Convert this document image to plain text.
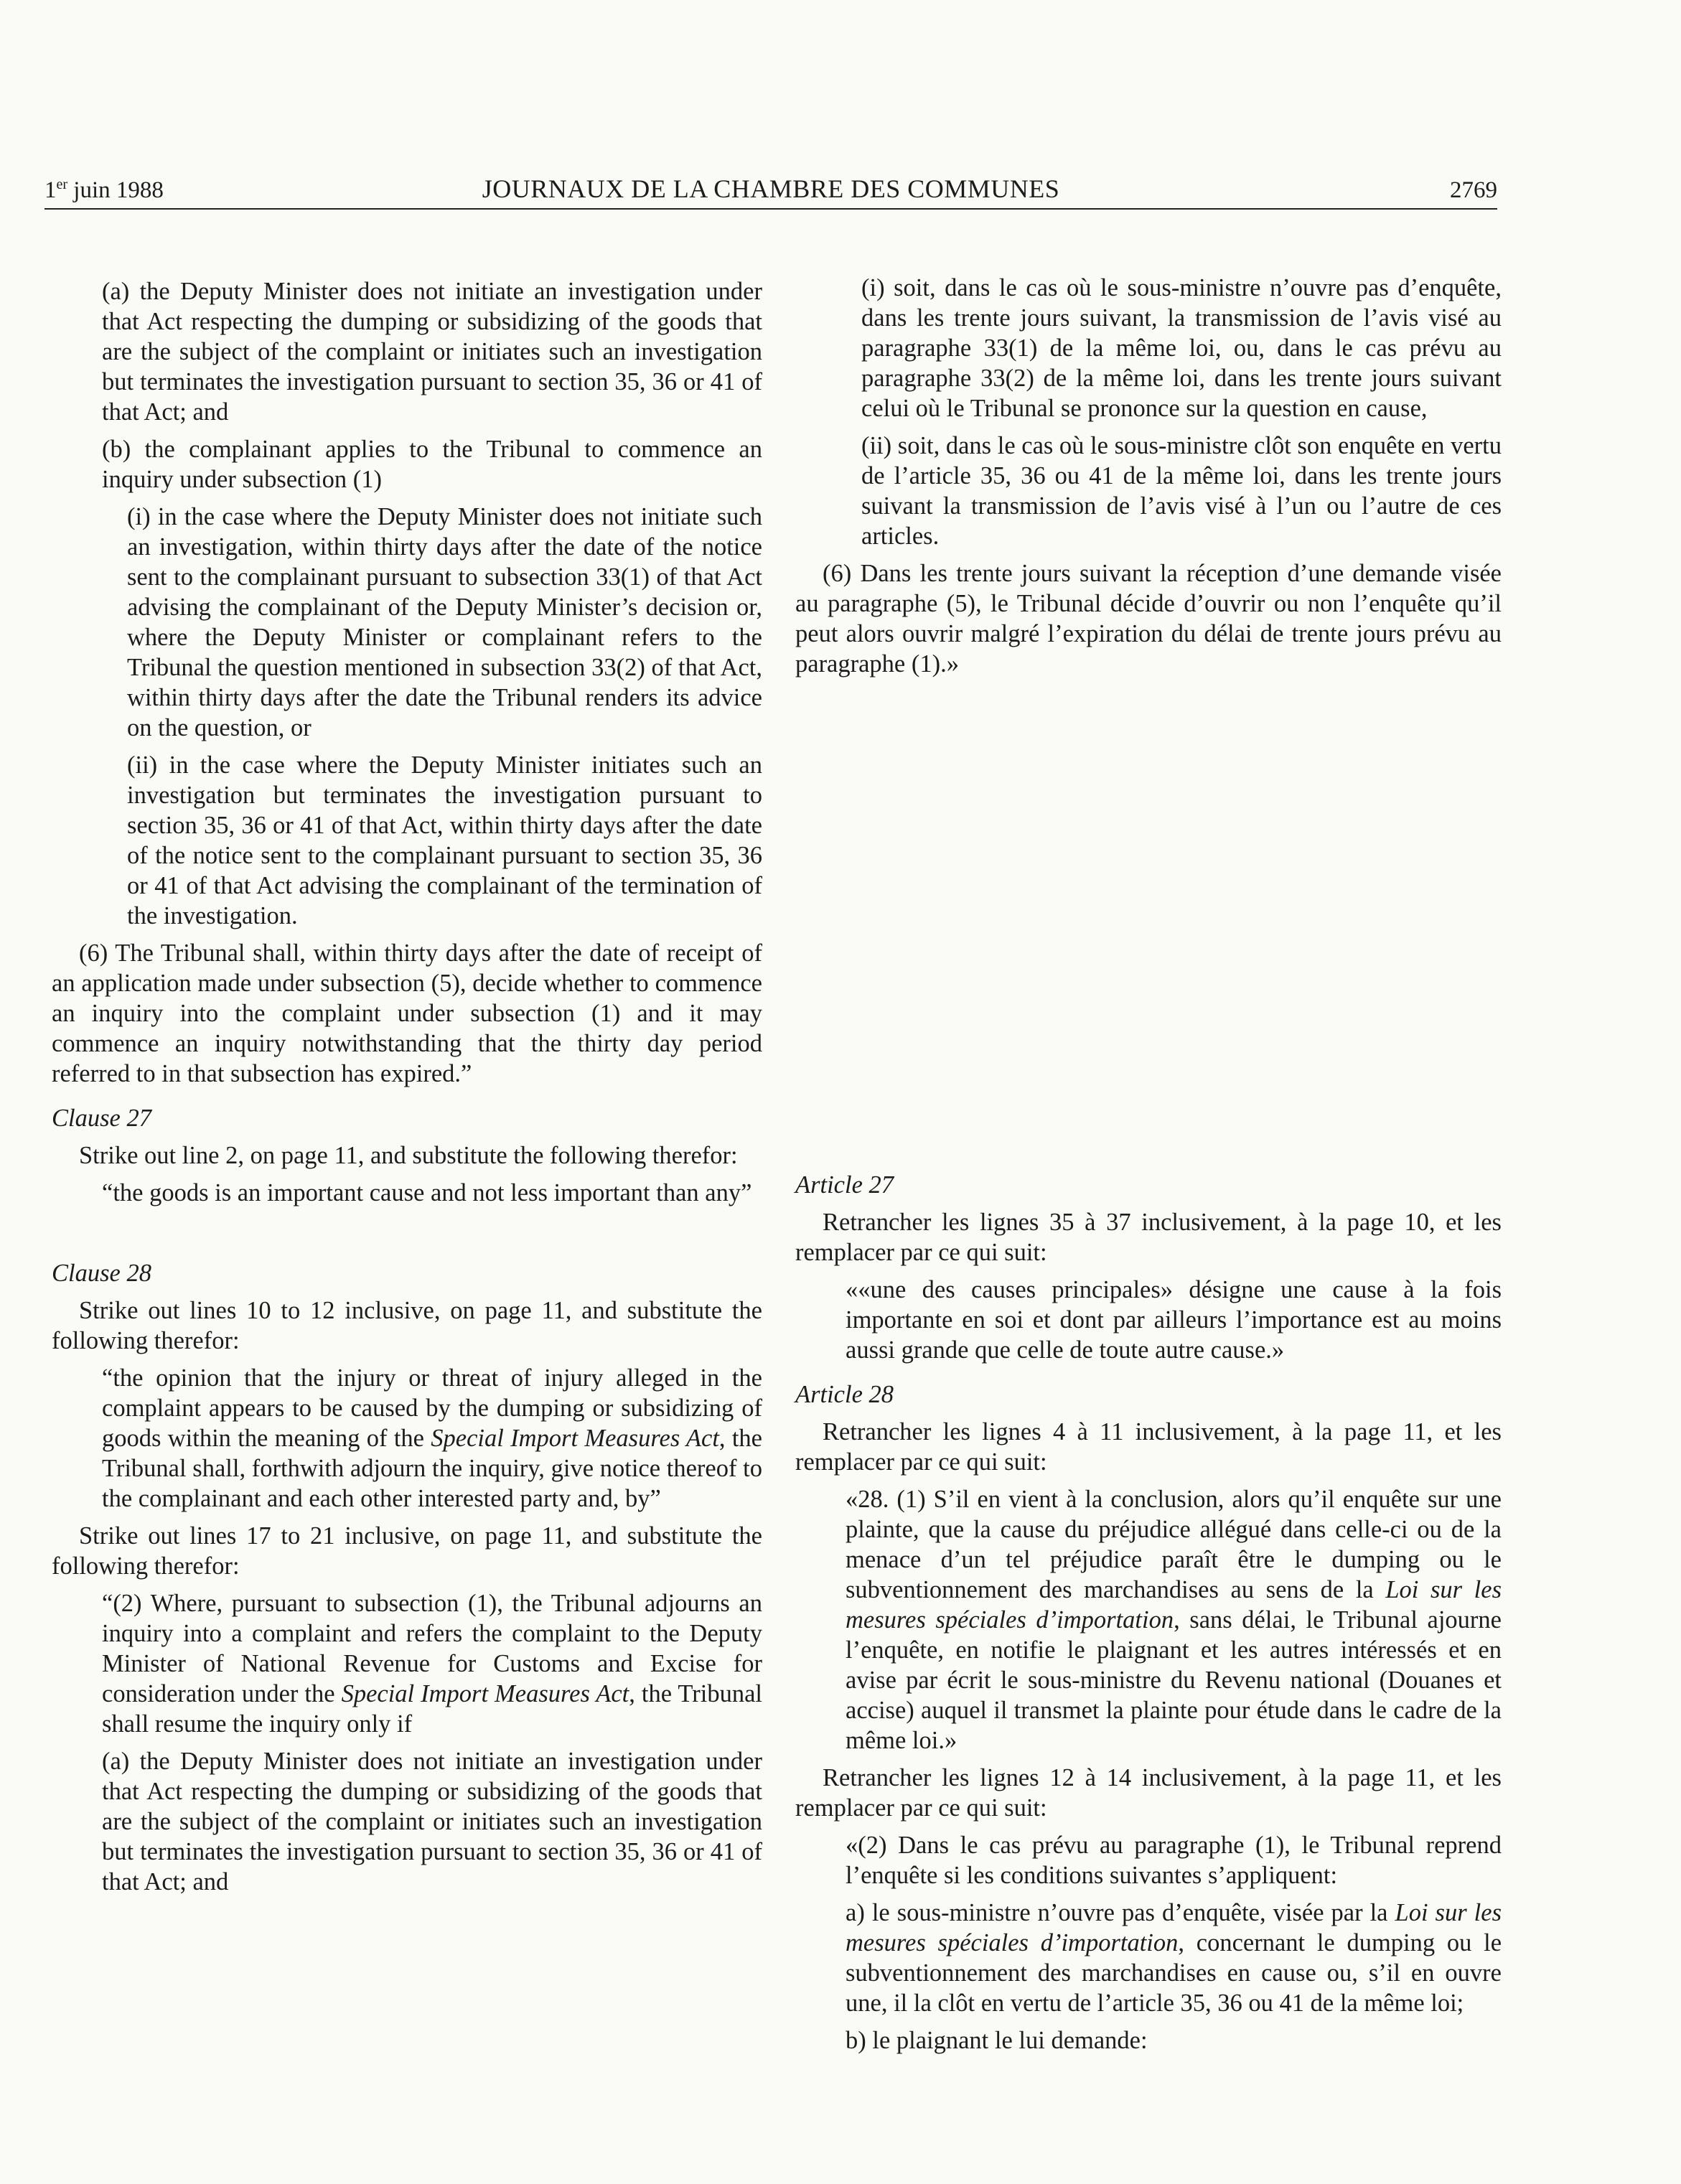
1er juin 1988	JOURNAUX DE LA CHAMBRE DES COMMUNES	2769

(a) the Deputy Minister does not initiate an investigation under that Act respecting the dumping or subsidizing of the goods that are the subject of the complaint or initiates such an investigation but terminates the investigation pursuant to section 35, 36 or 41 of that Act; and

(b) the complainant applies to the Tribunal to commence an inquiry under subsection (1)

(i) in the case where the Deputy Minister does not initiate such an investigation, within thirty days after the date of the notice sent to the complainant pursuant to subsection 33(1) of that Act advising the complainant of the Deputy Minister’s decision or, where the Deputy Minister or complainant refers to the Tribunal the question mentioned in subsection 33(2) of that Act, within thirty days after the date the Tribunal renders its advice on the question, or

(ii) in the case where the Deputy Minister initiates such an investigation but terminates the investigation pursuant to section 35, 36 or 41 of that Act, within thirty days after the date of the notice sent to the complainant pursuant to section 35, 36 or 41 of that Act advising the complainant of the termination of the investigation.

(6) The Tribunal shall, within thirty days after the date of receipt of an application made under subsection (5), decide whether to commence an inquiry into the complaint under subsection (1) and it may commence an inquiry notwithstanding that the thirty day period referred to in that subsection has expired.”

Clause 27

Strike out line 2, on page 11, and substitute the following therefor:

“the goods is an important cause and not less important than any”

Clause 28

Strike out lines 10 to 12 inclusive, on page 11, and substitute the following therefor:

“the opinion that the injury or threat of injury alleged in the complaint appears to be caused by the dumping or subsidizing of goods within the meaning of the Special Import Measures Act, the Tribunal shall, forthwith adjourn the inquiry, give notice thereof to the complainant and each other interested party and, by”

Strike out lines 17 to 21 inclusive, on page 11, and substitute the following therefor:

“(2) Where, pursuant to subsection (1), the Tribunal adjourns an inquiry into a complaint and refers the complaint to the Deputy Minister of National Revenue for Customs and Excise for consideration under the Special Import Measures Act, the Tribunal shall resume the inquiry only if

(a) the Deputy Minister does not initiate an investigation under that Act respecting the dumping or subsidizing of the goods that are the subject of the complaint or initiates such an investigation but terminates the investigation pursuant to section 35, 36 or 41 of that Act; and

(i) soit, dans le cas où le sous-ministre n’ouvre pas d’enquête, dans les trente jours suivant, la transmission de l’avis visé au paragraphe 33(1) de la même loi, ou, dans le cas prévu au paragraphe 33(2) de la même loi, dans les trente jours suivant celui où le Tribunal se prononce sur la question en cause,

(ii) soit, dans le cas où le sous-ministre clôt son enquête en vertu de l’article 35, 36 ou 41 de la même loi, dans les trente jours suivant la transmission de l’avis visé à l’un ou l’autre de ces articles.

(6) Dans les trente jours suivant la réception d’une demande visée au paragraphe (5), le Tribunal décide d’ouvrir ou non l’enquête qu’il peut alors ouvrir malgré l’expiration du délai de trente jours prévu au paragraphe (1).»

Article 27

Retrancher les lignes 35 à 37 inclusivement, à la page 10, et les remplacer par ce qui suit:

««une des causes principales» désigne une cause à la fois importante en soi et dont par ailleurs l’importance est au moins aussi grande que celle de toute autre cause.»

Article 28

Retrancher les lignes 4 à 11 inclusivement, à la page 11, et les remplacer par ce qui suit:

«28. (1) S’il en vient à la conclusion, alors qu’il enquête sur une plainte, que la cause du préjudice allégué dans celle-ci ou de la menace d’un tel préjudice paraît être le dumping ou le subventionnement des marchandises au sens de la Loi sur les mesures spéciales d’importation, sans délai, le Tribunal ajourne l’enquête, en notifie le plaignant et les autres intéressés et en avise par écrit le sous-ministre du Revenu national (Douanes et accise) auquel il transmet la plainte pour étude dans le cadre de la même loi.»

Retrancher les lignes 12 à 14 inclusivement, à la page 11, et les remplacer par ce qui suit:

«(2) Dans le cas prévu au paragraphe (1), le Tribunal reprend l’enquête si les conditions suivantes s’appliquent:

a) le sous-ministre n’ouvre pas d’enquête, visée par la Loi sur les mesures spéciales d’importation, concernant le dumping ou le subventionnement des marchandises en cause ou, s’il en ouvre une, il la clôt en vertu de l’article 35, 36 ou 41 de la même loi;

b) le plaignant le lui demande:
